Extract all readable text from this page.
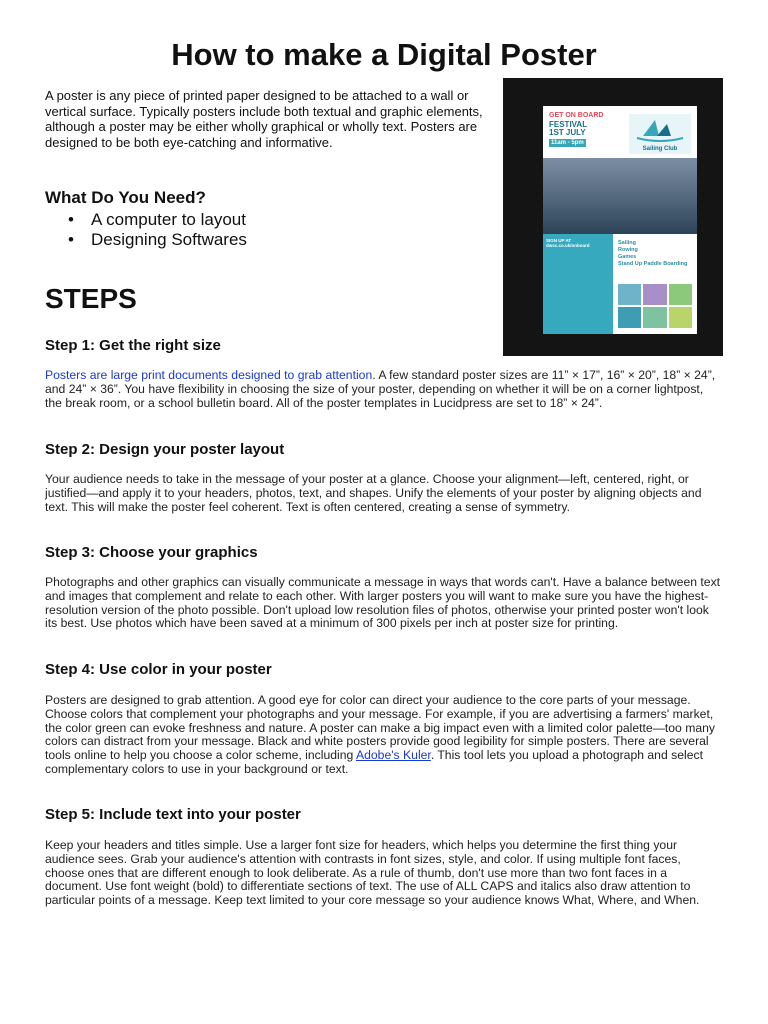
How to make a Digital Poster

A poster is any piece of printed paper designed to be attached to a wall or vertical surface. Typically posters include both textual and graphic elements, although a poster may be either wholly graphical or wholly text. Posters are designed to be both eye-catching and informative.

What Do You Need?
• A computer to layout
• Designing Softwares
GET ON BOARD
FESTIVAL
1ST JULY
11am - 5pm
Sailing Club
SIGN UP AT dwsc.co.uk/onboard	Sailing
Rowing
Games
Stand Up Paddle Boarding
STEPS
Step 1: Get the right size

Posters are large print documents designed to grab attention. A few standard poster sizes are 11” × 17”, 16” × 20”, 18” × 24”, and 24” × 36”. You have flexibility in choosing the size of your poster, depending on whether it will be on a corner lightpost, the break room, or a school bulletin board. All of the poster templates in Lucidpress are set to 18” × 24”.

Step 2: Design your poster layout

Your audience needs to take in the message of your poster at a glance. Choose your alignment—left, centered, right, or justified—and apply it to your headers, photos, text, and shapes. Unify the elements of your poster by aligning objects and text. This will make the poster feel coherent. Text is often centered, creating a sense of symmetry.

Step 3: Choose your graphics

Photographs and other graphics can visually communicate a message in ways that words can't. Have a balance between text and images that complement and relate to each other. With larger posters you will want to make sure you have the highest-resolution version of the photo possible. Don't upload low resolution files of photos, otherwise your printed poster won't look its best. Use photos which have been saved at a minimum of 300 pixels per inch at poster size for printing.

Step 4: Use color in your poster

Posters are designed to grab attention. A good eye for color can direct your audience to the core parts of your message. Choose colors that complement your photographs and your message. For example, if you are advertising a farmers' market, the color green can evoke freshness and nature. A poster can make a big impact even with a limited color palette—too many colors can distract from your message. Black and white posters provide good legibility for simple posters. There are several tools online to help you choose a color scheme, including Adobe's Kuler. This tool lets you upload a photograph and select complementary colors to use in your background or text.

Step 5: Include text into your poster

Keep your headers and titles simple. Use a larger font size for headers, which helps you determine the first thing your audience sees. Grab your audience's attention with contrasts in font sizes, style, and color. If using multiple font faces, choose ones that are different enough to look deliberate. As a rule of thumb, don't use more than two font faces in a document. Use font weight (bold) to differentiate sections of text. The use of ALL CAPS and italics also draw attention to particular points of a message. Keep text limited to your core message so your audience knows What, Where, and When.
